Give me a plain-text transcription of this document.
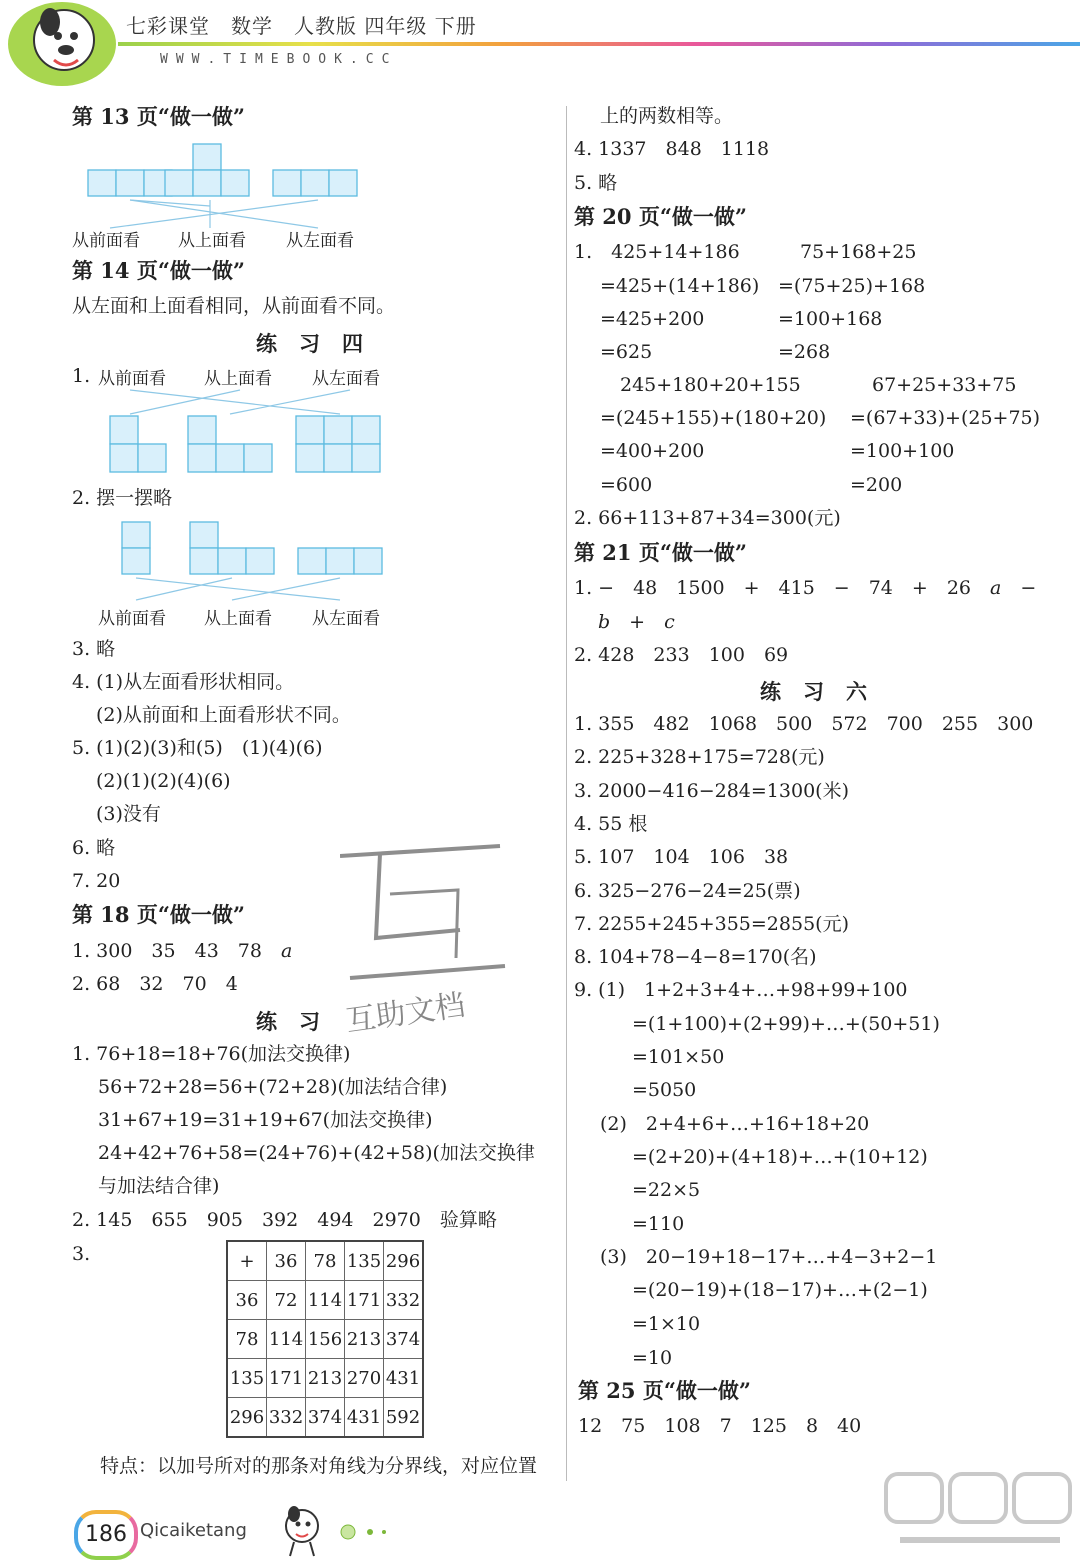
七彩课堂　数学　人教版 四年级 下册
WWW.TIMEBOOK.CC
第 13 页“做一做”
从前面看 从上面看 从左面看
第 14 页“做一做”
从左面和上面看相同，从前面看不同。
练习四
1. 从前面看 从上面看 从左面看
2. 摆一摆略
从前面看 从上面看 从左面看
3. 略
4. (1)从左面看形状相同。
(2)从前面和上面看形状不同。
5. (1)(2)(3)和(5)　(1)(4)(6)
(2)(1)(2)(4)(6)
(3)没有
6. 略
7. 20
第 18 页“做一做”
1. 300　35　43　78　 a
2. 68　32　70　4
练习
1. 76+18=18+76(加法交换律)
56+72+28=56+(72+28)(加法结合律)
31+67+19=31+19+67(加法交换律)
24+42+76+58=(24+76)+(42+58)(加法交换律
与加法结合律)
2. 145　655　905　392　494　2970　验算略
3.	+	36	78	135	296
36	72	114	171	332
78	114	156	213	374
135	171	213	270	431
296	332	374	431	592
特点：以加号所对的那条对角线为分界线，对应位置
互助文档
上的两数相等。
4. 1337　848　1118
5. 略
第 20 页“做一做”
1.　425+14+186
=425+(14+186)
=425+200
=625
245+180+20+155
=(245+155)+(180+20)
=400+200
=600
2. 66+113+87+34=300(元)
75+168+25
=(75+25)+168
=100+168
=268
67+25+33+75
=(67+33)+(25+75)
=100+100
=200
第 21 页“做一做”
1. −　48　1500　+　415　−　74　+　26　 a　−
b　+　c
2. 428　233　100　69
练习六
1. 355　482　1068　500　572　700　255　300
2. 225+328+175=728(元)
3. 2000−416−284=1300(米)
4. 55 根
5. 107　104　106　38
6. 325−276−24=25(票)
7. 2255+245+355=2855(元)
8. 104+78−4−8=170(名)
9. (1)　1+2+3+4+…+98+99+100
=(1+100)+(2+99)+…+(50+51)
=101×50
=5050
(2)　2+4+6+…+16+18+20
=(2+20)+(4+18)+…+(10+12)
=22×5
=110
(3)　20−19+18−17+…+4−3+2−1
=(20−19)+(18−17)+…+(2−1)
=1×10
=10
第 25 页“做一做”
12　75　108　7　125　8　40
186 Qicaiketang
